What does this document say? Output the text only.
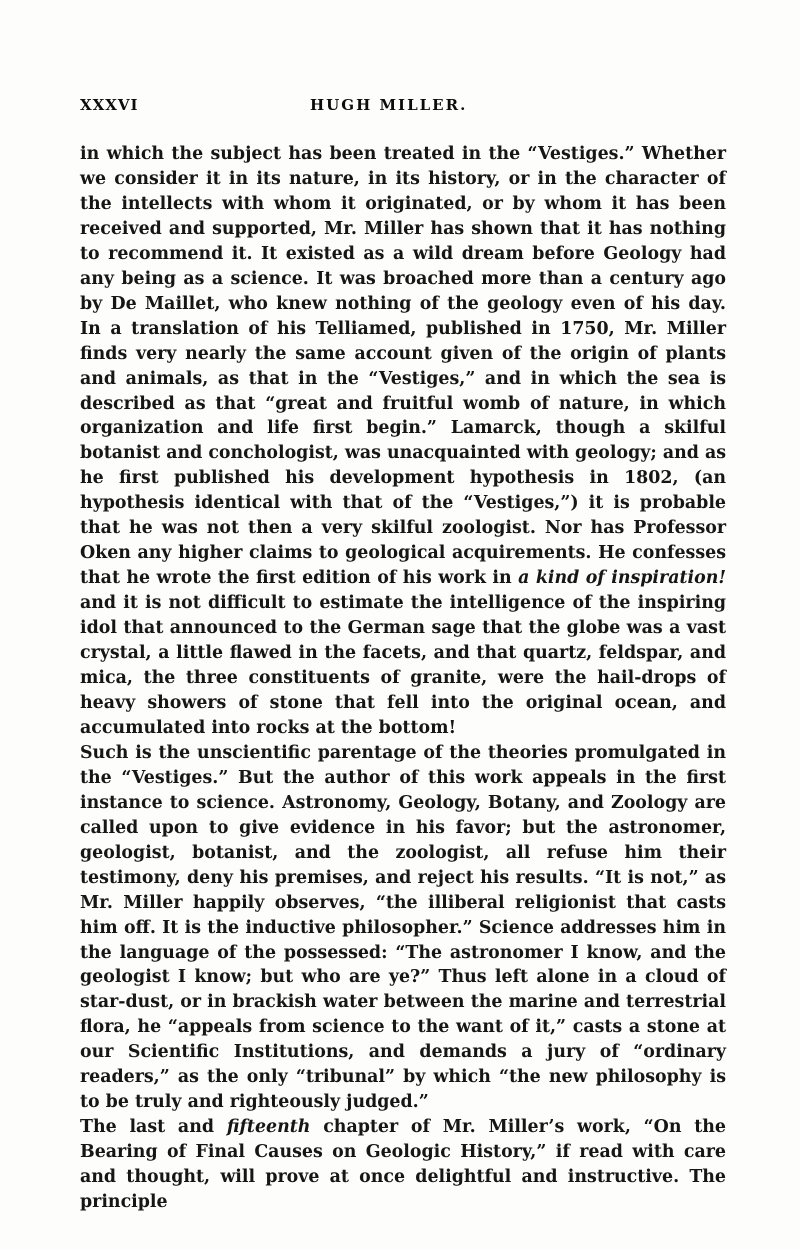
XXXVI	HUGH MILLER.

in which the subject has been treated in the “Vestiges.” Whether we consider it in its nature, in its history, or in the character of the intellects with whom it originated, or by whom it has been received and supported, Mr. Miller has shown that it has nothing to recommend it. It existed as a wild dream before Geology had any being as a science. It was broached more than a century ago by De Maillet, who knew nothing of the geology even of his day. In a translation of his Telliamed, published in 1750, Mr. Miller finds very nearly the same account given of the origin of plants and animals, as that in the “Vestiges,” and in which the sea is described as that “great and fruitful womb of nature, in which organization and life first begin.” Lamarck, though a skilful botanist and conchologist, was unacquainted with geology; and as he first published his development hypothesis in 1802, (an hypothesis identical with that of the “Vestiges,”) it is probable that he was not then a very skilful zoologist. Nor has Professor Oken any higher claims to geological acquirements. He confesses that he wrote the first edition of his work in a kind of inspiration! and it is not difficult to estimate the intelligence of the inspiring idol that announced to the German sage that the globe was a vast crystal, a little flawed in the facets, and that quartz, feldspar, and mica, the three constituents of granite, were the hail-drops of heavy showers of stone that fell into the original ocean, and accumulated into rocks at the bottom!

Such is the unscientific parentage of the theories promulgated in the “Vestiges.” But the author of this work appeals in the first instance to science. Astronomy, Geology, Botany, and Zoology are called upon to give evidence in his favor; but the astronomer, geologist, botanist, and the zoologist, all refuse him their testimony, deny his premises, and reject his results. “It is not,” as Mr. Miller happily observes, “the illiberal religionist that casts him off. It is the inductive philosopher.” Science addresses him in the language of the possessed: “The astronomer I know, and the geologist I know; but who are ye?” Thus left alone in a cloud of star-dust, or in brackish water between the marine and terrestrial flora, he “appeals from science to the want of it,” casts a stone at our Scientific Institutions, and demands a jury of “ordinary readers,” as the only “tribunal” by which “the new philosophy is to be truly and righteously judged.”

The last and fifteenth chapter of Mr. Miller’s work, “On the Bearing of Final Causes on Geologic History,” if read with care and thought, will prove at once delightful and instructive. The principle
